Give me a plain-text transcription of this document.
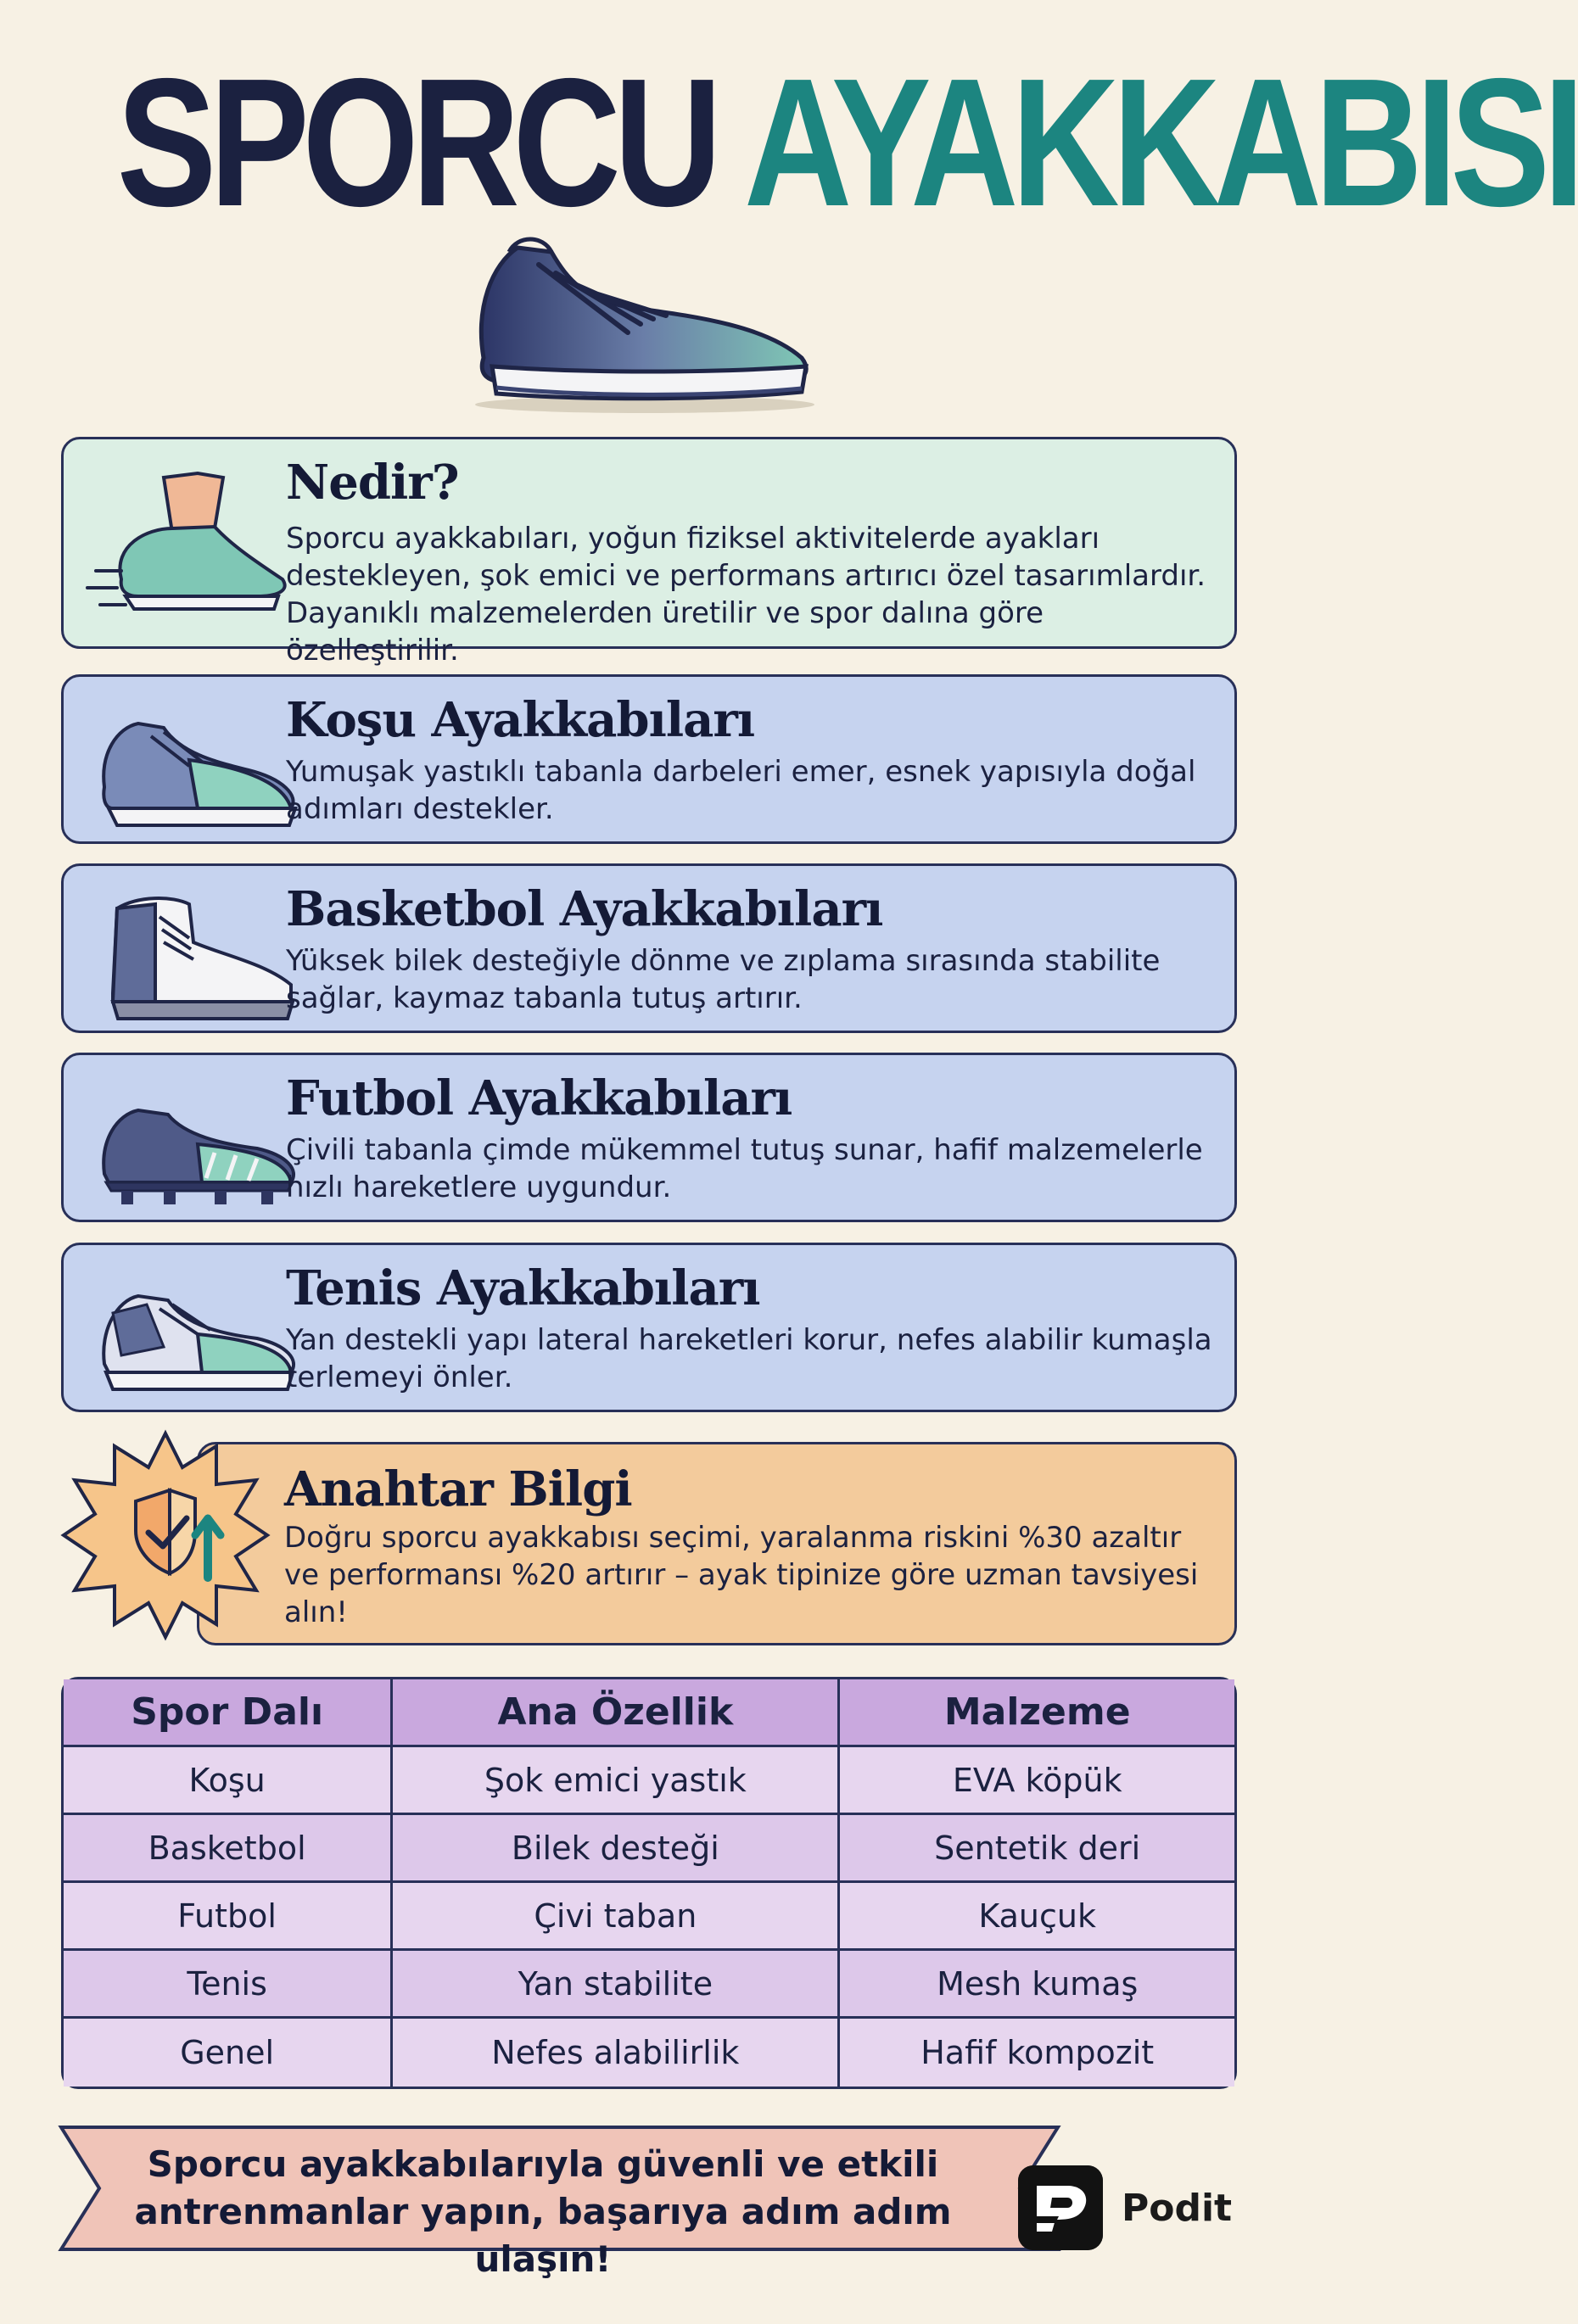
SPORCU AYAKKABISI
Nedir?

Sporcu ayakkabıları, yoğun fiziksel aktivitelerde ayakları destekleyen, şok emici ve performans artırıcı özel tasarımlardır. Dayanıklı malzemelerden üretilir ve spor dalına göre özelleştirilir.

Koşu Ayakkabıları

Yumuşak yastıklı tabanla darbeleri emer, esnek yapısıyla doğal adımları destekler.

Basketbol Ayakkabıları

Yüksek bilek desteğiyle dönme ve zıplama sırasında stabilite sağlar, kaymaz tabanla tutuş artırır.

Futbol Ayakkabıları

Çivili tabanla çimde mükemmel tutuş sunar, hafif malzemelerle hızlı hareketlere uygundur.

Tenis Ayakkabıları

Yan destekli yapı lateral hareketleri korur, nefes alabilir kumaşla terlemeyi önler.

Anahtar Bilgi

Doğru sporcu ayakkabısı seçimi, yaralanma riskini %30 azaltır ve performansı %20 artırır – ayak tipinize göre uzman tavsiyesi alın!

Spor Dalı	Ana Özellik	Malzeme
Koşu	Şok emici yastık	EVA köpük
Basketbol	Bilek desteği	Sentetik deri
Futbol	Çivi taban	Kauçuk
Tenis	Yan stabilite	Mesh kumaş
Genel	Nefes alabilirlik	Hafif kompozit
Sporcu ayakkabılarıyla güvenli ve etkili
antrenmanlar yapın, başarıya adım adım ulaşın!
Podit
